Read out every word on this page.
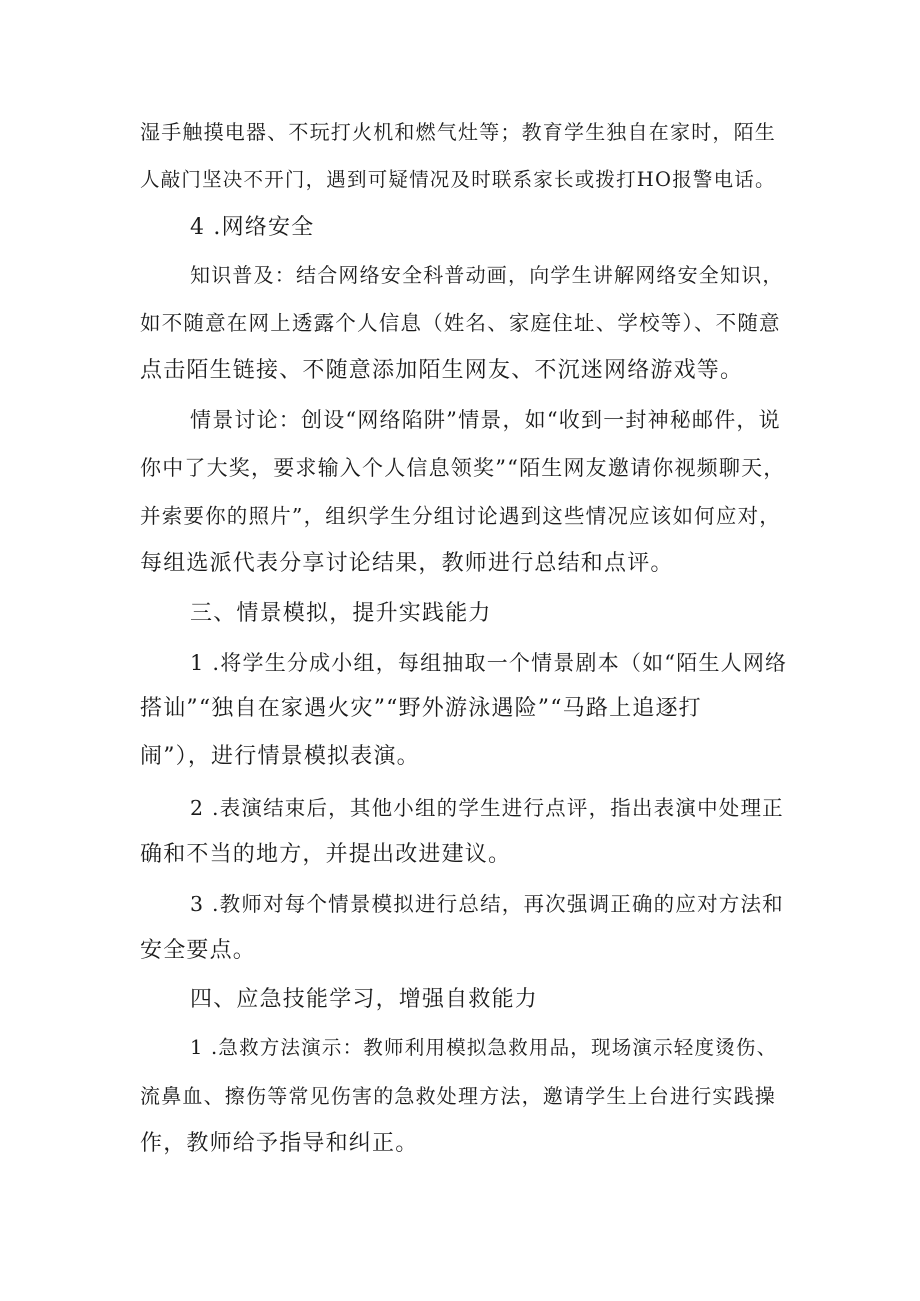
湿手触摸电器、不玩打火机和燃气灶等；教育学生独自在家时，陌生
人敲门坚决不开门，遇到可疑情况及时联系家长或拨打HO报警电话。
4 .网络安全
知识普及：结合网络安全科普动画，向学生讲解网络安全知识，
如不随意在网上透露个人信息（姓名、家庭住址、学校等）、不随意
点击陌生链接、不随意添加陌生网友、不沉迷网络游戏等。
情景讨论：创设“网络陷阱”情景，如“收到一封神秘邮件，说
你中了大奖，要求输入个人信息领奖”“陌生网友邀请你视频聊天，
并索要你的照片”，组织学生分组讨论遇到这些情况应该如何应对，
每组选派代表分享讨论结果，教师进行总结和点评。
三、情景模拟，提升实践能力
1 .将学生分成小组，每组抽取一个情景剧本（如“陌生人网络
搭讪”“独自在家遇火灾”“野外游泳遇险”“马路上追逐打
闹”），进行情景模拟表演。
2 .表演结束后，其他小组的学生进行点评，指出表演中处理正
确和不当的地方，并提出改进建议。
3 .教师对每个情景模拟进行总结，再次强调正确的应对方法和
安全要点。
四、应急技能学习，增强自救能力
1 .急救方法演示：教师利用模拟急救用品，现场演示轻度烫伤、
流鼻血、擦伤等常见伤害的急救处理方法，邀请学生上台进行实践操
作，教师给予指导和纠正。
